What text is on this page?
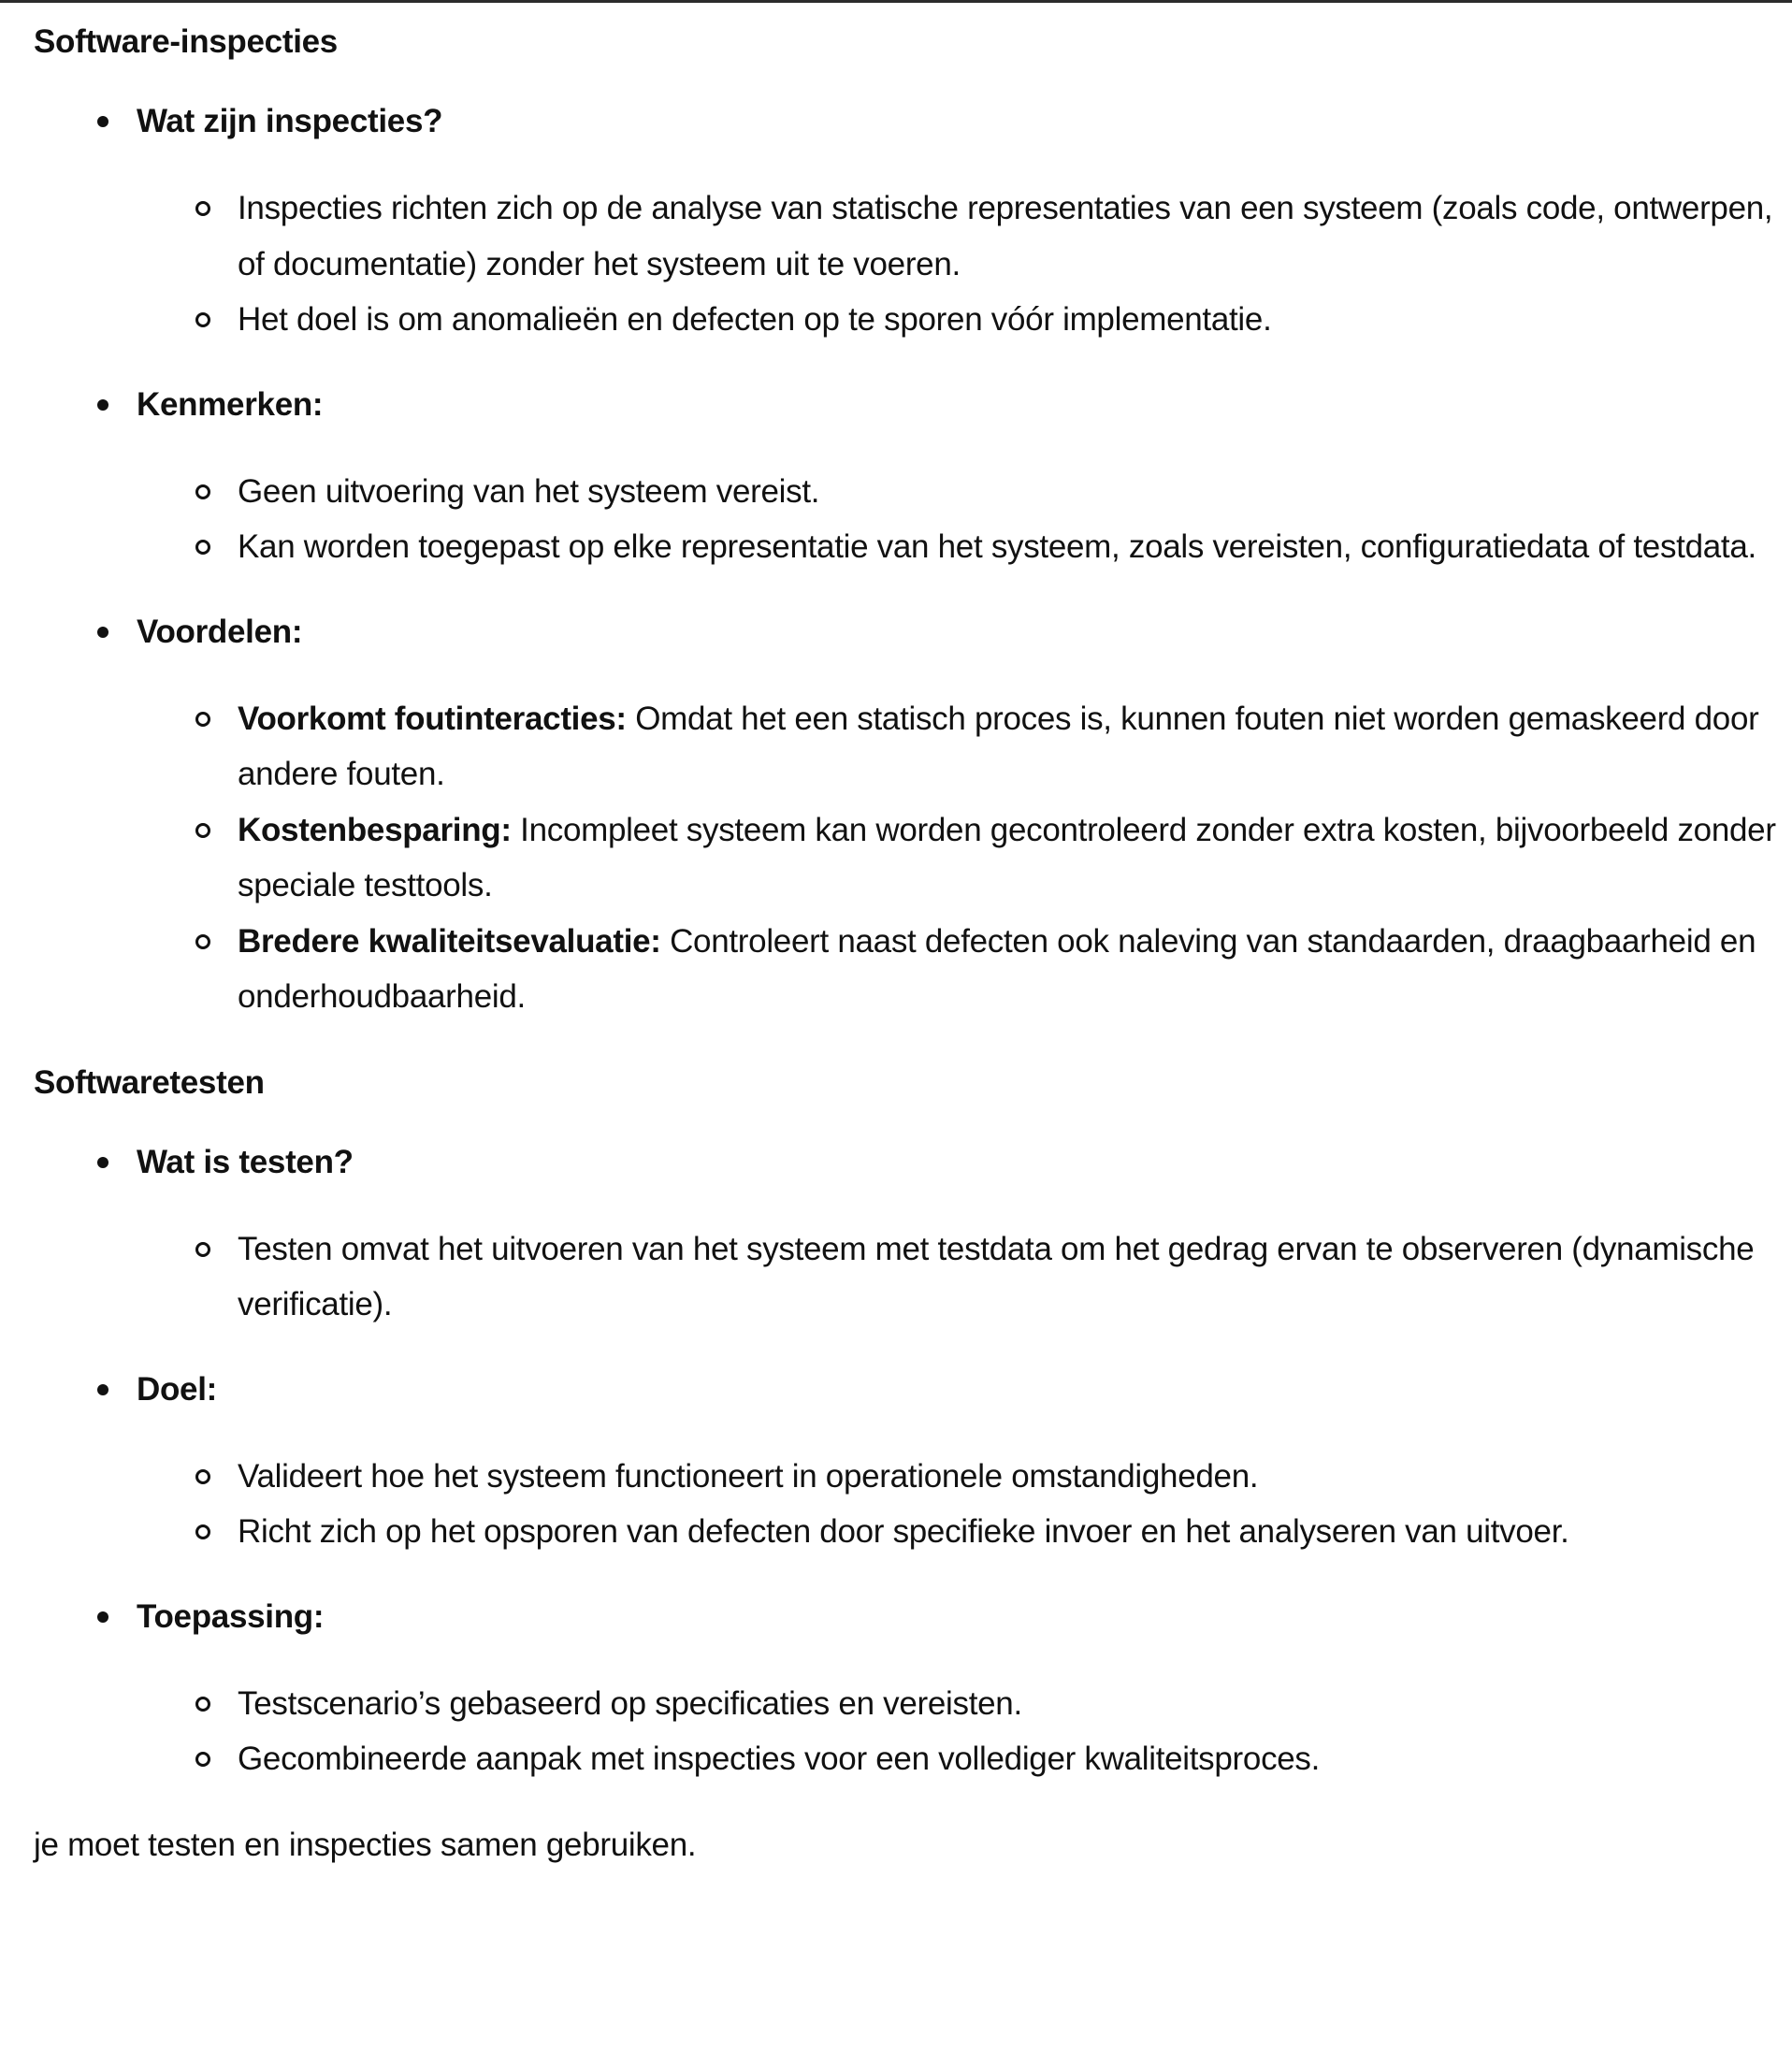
Software-inspecties
Wat zijn inspecties?
Inspecties richten zich op de analyse van statische representaties van een systeem (zoals code, ontwerpen, of documentatie) zonder het systeem uit te voeren.
Het doel is om anomalieën en defecten op te sporen vóór implementatie.
Kenmerken:
Geen uitvoering van het systeem vereist.
Kan worden toegepast op elke representatie van het systeem, zoals vereisten, configuratiedata of testdata.
Voordelen:
Voorkomt foutinteracties: Omdat het een statisch proces is, kunnen fouten niet worden gemaskeerd door andere fouten.
Kostenbesparing: Incompleet systeem kan worden gecontroleerd zonder extra kosten, bijvoorbeeld zonder speciale testtools.
Bredere kwaliteitsevaluatie: Controleert naast defecten ook naleving van standaarden, draagbaarheid en onderhoudbaarheid.
Softwaretesten
Wat is testen?
Testen omvat het uitvoeren van het systeem met testdata om het gedrag ervan te observeren (dynamische verificatie).
Doel:
Valideert hoe het systeem functioneert in operationele omstandigheden.
Richt zich op het opsporen van defecten door specifieke invoer en het analyseren van uitvoer.
Toepassing:
Testscenario’s gebaseerd op specificaties en vereisten.
Gecombineerde aanpak met inspecties voor een vollediger kwaliteitsproces.
je moet testen en inspecties samen gebruiken.
